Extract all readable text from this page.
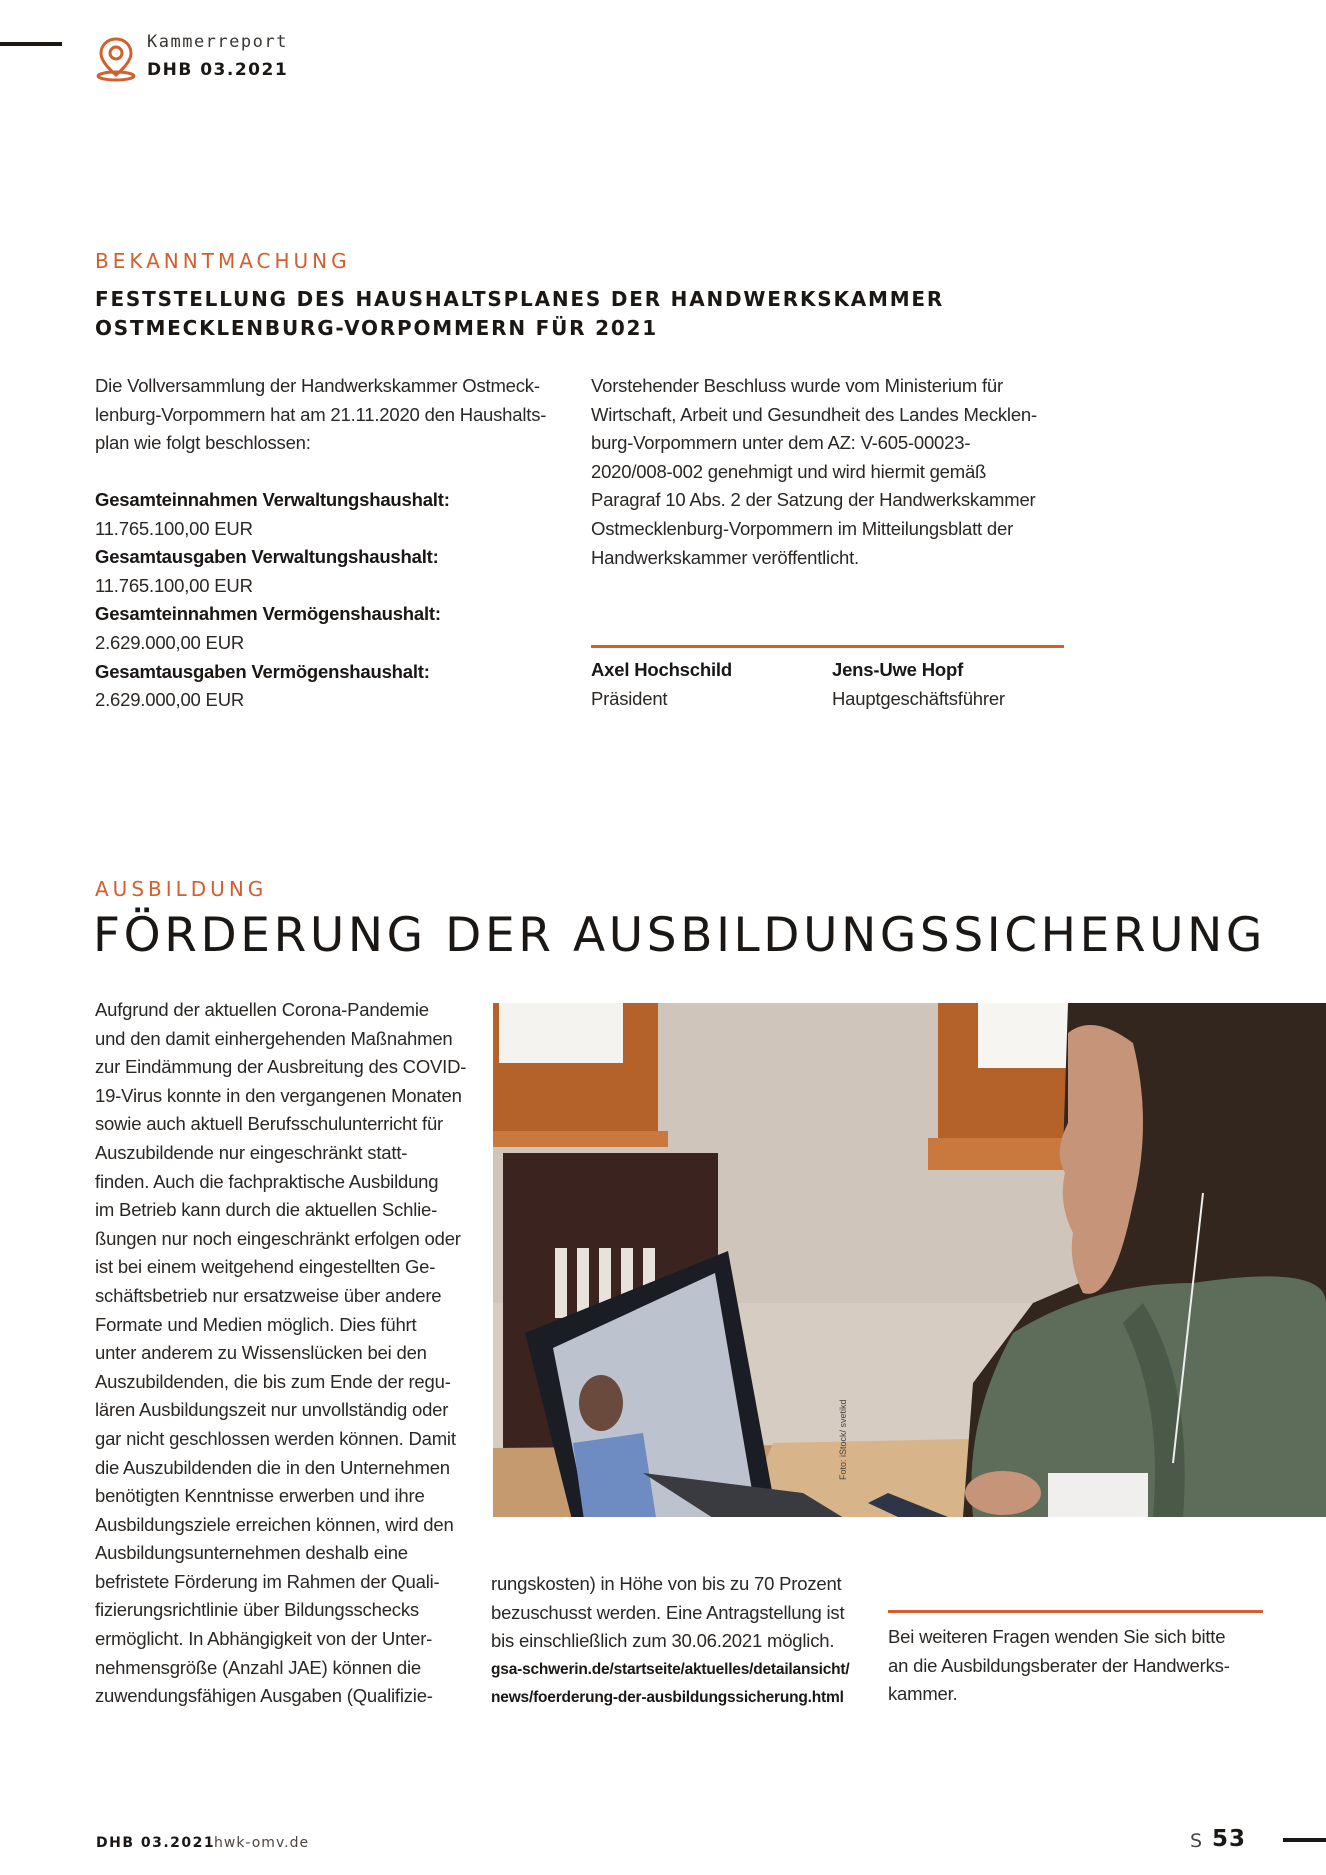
Kammerreport
DHB 03.2021
BEKANNTMACHUNG
FESTSTELLUNG DES HAUSHALTSPLANES DER HANDWERKSKAMMER
OSTMECKLENBURG-VORPOMMERN FÜR 2021
Die Vollversammlung der Handwerkskammer Ostmeck-
lenburg-Vorpommern hat am 21.11.2020 den Haushalts-
plan wie folgt beschlossen:
Gesamteinnahmen Verwaltungshaushalt:
11.765.100,00 EUR
Gesamtausgaben Verwaltungshaushalt:
11.765.100,00 EUR
Gesamteinnahmen Vermögenshaushalt:
2.629.000,00 EUR
Gesamtausgaben Vermögenshaushalt:
2.629.000,00 EUR
Vorstehender Beschluss wurde vom Ministerium für
Wirtschaft, Arbeit und Gesundheit des Landes Mecklen-
burg-Vorpommern unter dem AZ: V-605-00023-
2020/008-002 genehmigt und wird hiermit gemäß
Paragraf 10 Abs. 2 der Satzung der Handwerkskammer
Ostmecklenburg-Vorpommern im Mitteilungsblatt der
Handwerkskammer veröffentlicht.
Axel Hochschild
Präsident
Jens-Uwe Hopf
Hauptgeschäftsführer
AUSBILDUNG
FÖRDERUNG DER AUSBILDUNGSSICHERUNG
Aufgrund der aktuellen Corona-Pandemie
und den damit einhergehenden Maßnahmen
zur Eindämmung der Ausbreitung des COVID-
19-Virus konnte in den vergangenen Monaten
sowie auch aktuell Berufsschulunterricht für
Auszubildende nur eingeschränkt statt-
finden. Auch die fachpraktische Ausbildung
im Betrieb kann durch die aktuellen Schlie-
ßungen nur noch eingeschränkt erfolgen oder
ist bei einem weitgehend eingestellten Ge-
schäftsbetrieb nur ersatzweise über andere
Formate und Medien möglich. Dies führt
unter anderem zu Wissenslücken bei den
Auszubildenden, die bis zum Ende der regu-
lären Ausbildungszeit nur unvollständig oder
gar nicht geschlossen werden können. Damit
die Auszubildenden die in den Unternehmen
benötigten Kenntnisse erwerben und ihre
Ausbildungsziele erreichen können, wird den
Ausbildungsunternehmen deshalb eine
befristete Förderung im Rahmen der Quali-
fizierungsrichtlinie über Bildungsschecks
ermöglicht. In Abhängigkeit von der Unter-
nehmensgröße (Anzahl JAE) können die
zuwendungsfähigen Ausgaben (Qualifizie-
Foto: iStock/ svetikd
rungskosten) in Höhe von bis zu 70 Prozent
bezuschusst werden. Eine Antragstellung ist
bis einschließlich zum 30.06.2021 möglich.
gsa-schwerin.de/startseite/aktuelles/detailansicht/
news/foerderung-der-ausbildungssicherung.html
Bei weiteren Fragen wenden Sie sich bitte
an die Ausbildungsberater der Handwerks-
kammer.
DHB 03.2021
hwk-omv.de	S 53
